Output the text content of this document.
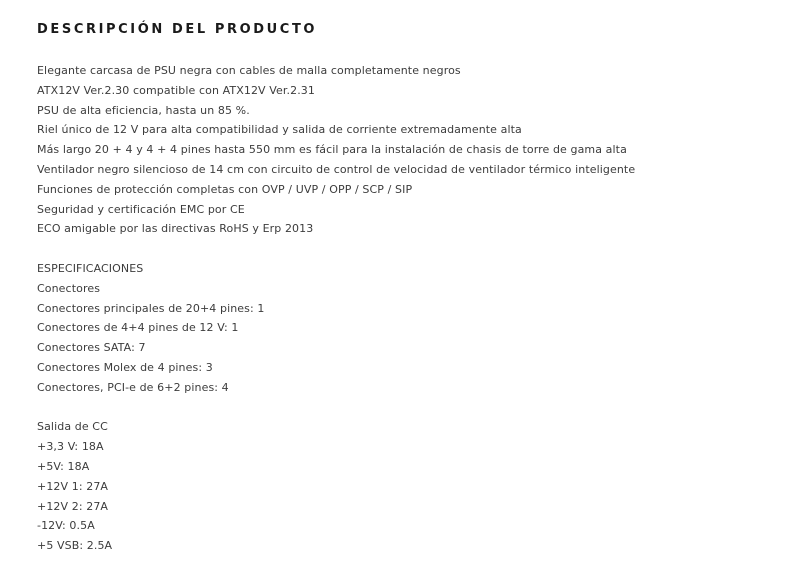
DESCRIPCIÓN DEL PRODUCTO
Elegante carcasa de PSU negra con cables de malla completamente negros
ATX12V Ver.2.30 compatible con ATX12V Ver.2.31
PSU de alta eficiencia, hasta un 85 %.
Riel único de 12 V para alta compatibilidad y salida de corriente extremadamente alta
Más largo 20 + 4 y 4 + 4 pines hasta 550 mm es fácil para la instalación de chasis de torre de gama alta
Ventilador negro silencioso de 14 cm con circuito de control de velocidad de ventilador térmico inteligente
Funciones de protección completas con OVP / UVP / OPP / SCP / SIP
Seguridad y certificación EMC por CE
ECO amigable por las directivas RoHS y Erp 2013
ESPECIFICACIONES
Conectores
Conectores principales de 20+4 pines: 1
Conectores de 4+4 pines de 12 V: 1
Conectores SATA: 7
Conectores Molex de 4 pines: 3
Conectores, PCI-e de 6+2 pines: 4
Salida de CC
+3,3 V: 18A
+5V: 18A
+12V 1: 27A
+12V 2: 27A
-12V: 0.5A
+5 VSB: 2.5A
